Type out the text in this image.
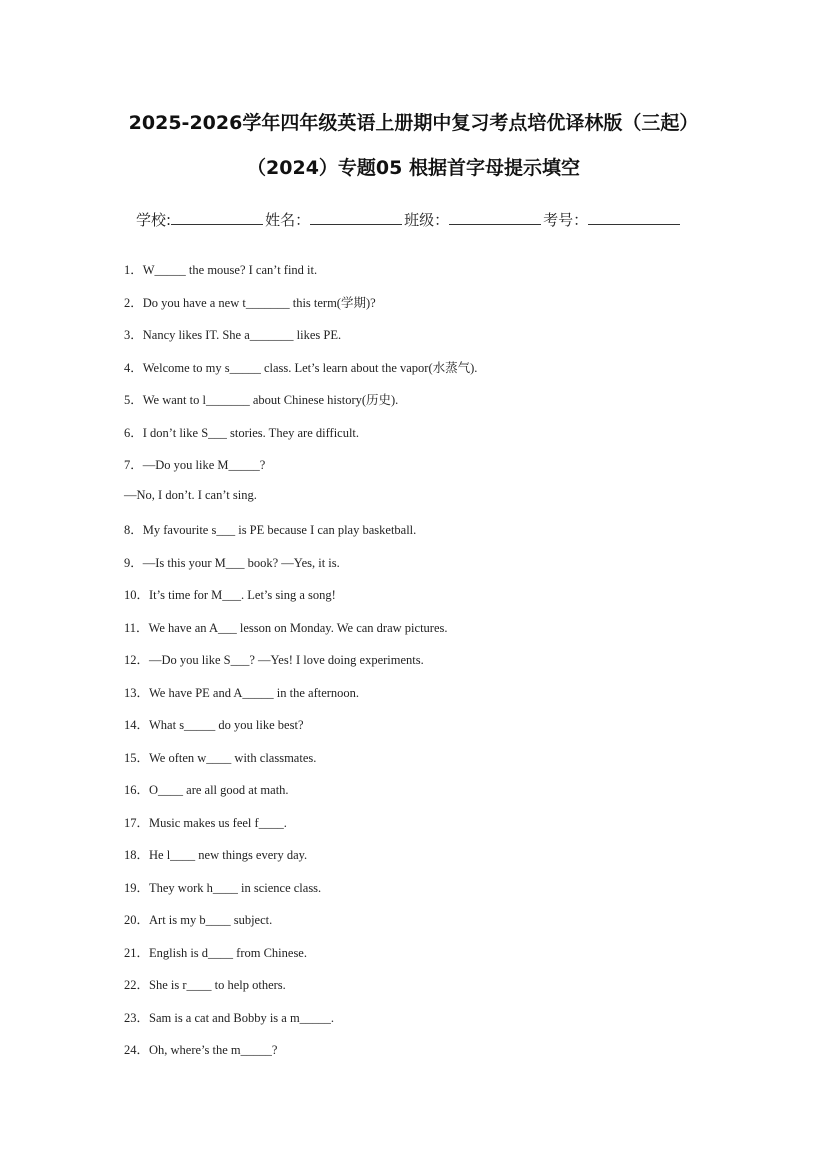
2025-2026学年四年级英语上册期中复习考点培优译林版（三起）
（2024）专题05 根据首字母提示填空
学校:	姓名：	班级：	考号：
1．W_____ the mouse? I can’t find it.
2．Do you have a new t_______ this term(学期)?
3．Nancy likes IT. She a_______ likes PE.
4．Welcome to my s_____ class. Let’s learn about the vapor(水蒸气).
5．We want to l_______ about Chinese history(历史).
6．I don’t like S___ stories. They are difficult.
7．—Do you like M_____?
—No, I don’t. I can’t sing.
8．My favourite s___ is PE because I can play basketball.
9．—Is this your M___ book? —Yes, it is.
10．It’s time for M___. Let’s sing a song!
11．We have an A___ lesson on Monday. We can draw pictures.
12．—Do you like S___? —Yes! I love doing experiments.
13．We have PE and A_____ in the afternoon.
14．What s_____ do you like best?
15．We often w____ with classmates.
16．O____ are all good at math.
17．Music makes us feel f____.
18．He l____ new things every day.
19．They work h____ in science class.
20．Art is my b____ subject.
21．English is d____ from Chinese.
22．She is r____ to help others.
23．Sam is a cat and Bobby is a m_____.
24．Oh, where’s the m_____?
